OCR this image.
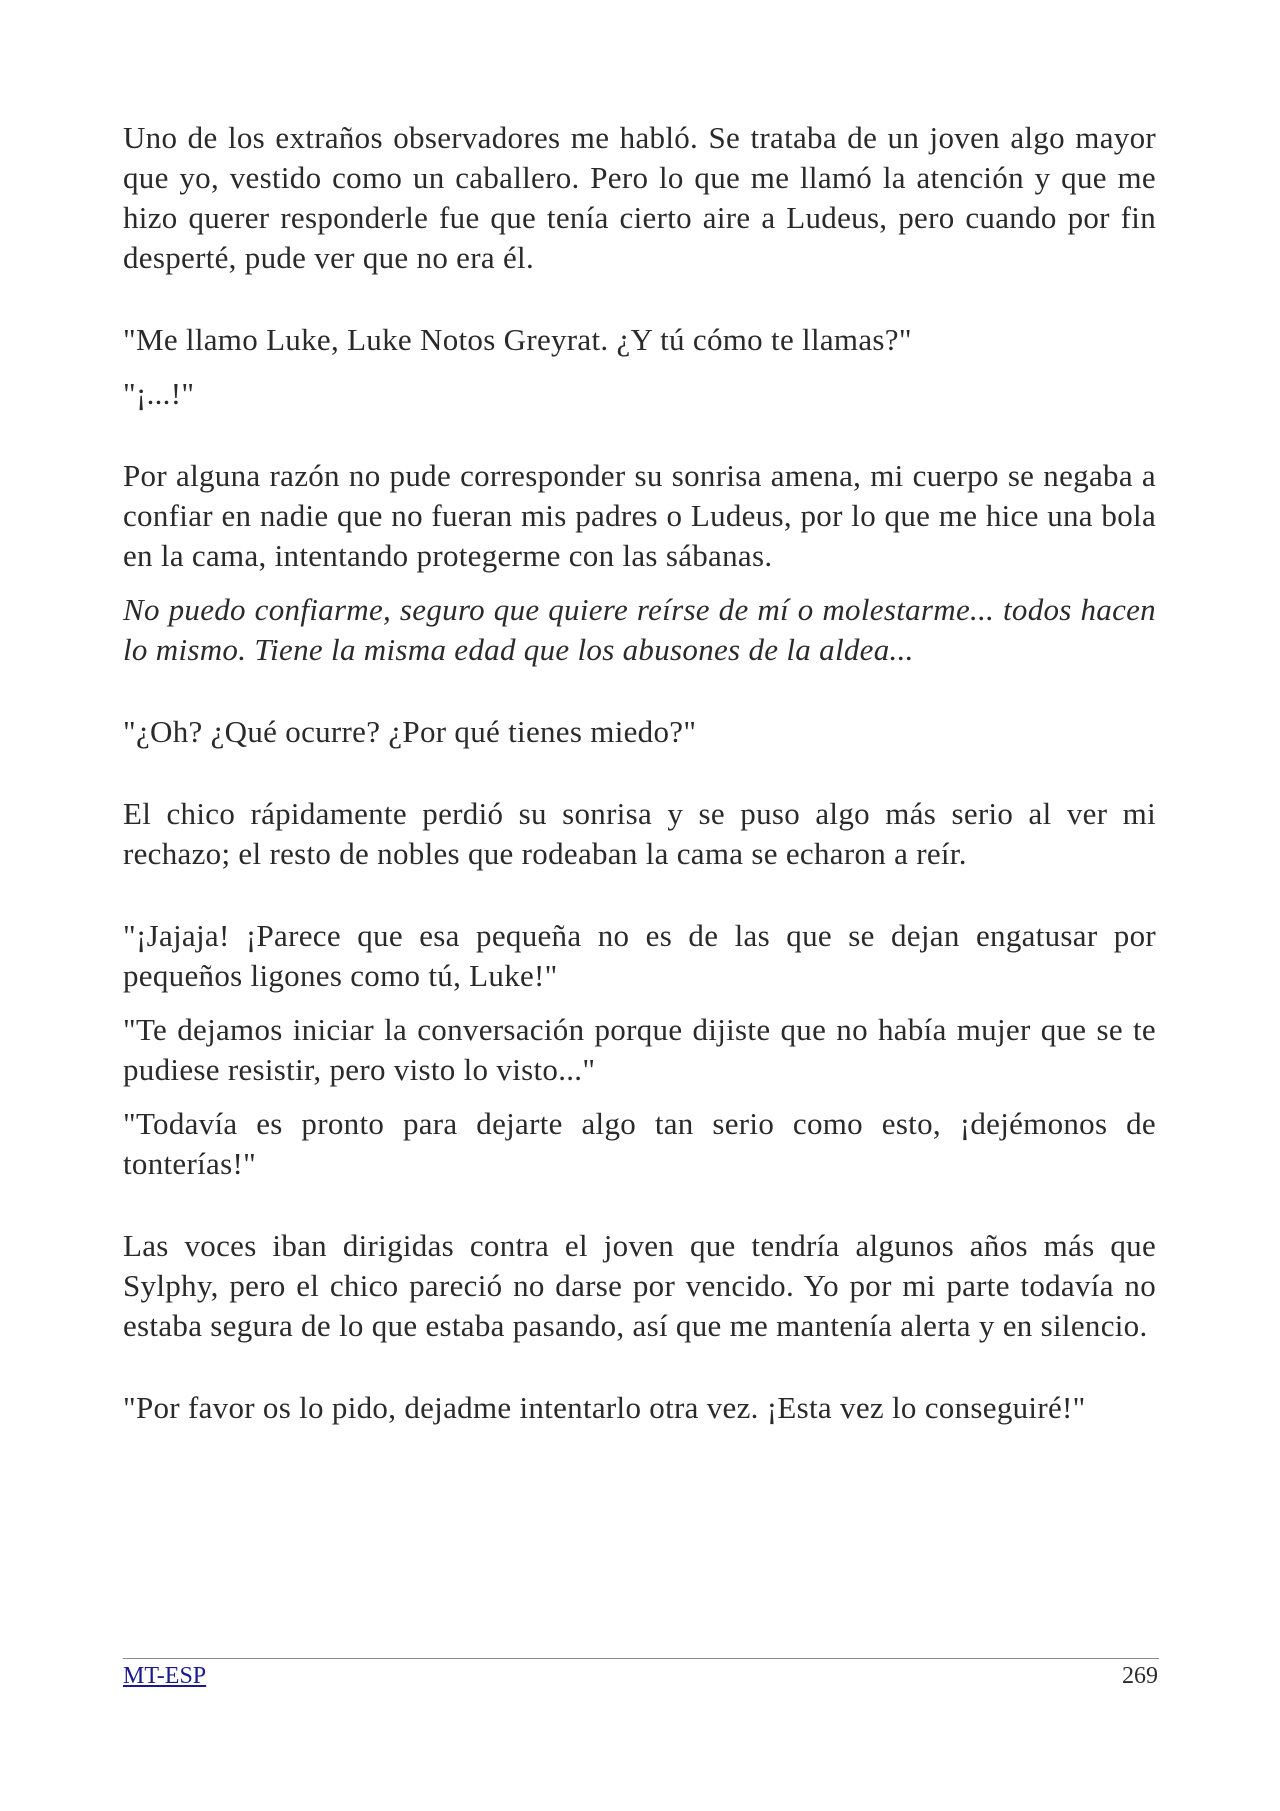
Uno de los extraños observadores me habló. Se trataba de un joven algo mayor que yo, vestido como un caballero. Pero lo que me llamó la atención y que me hizo querer responderle fue que tenía cierto aire a Ludeus, pero cuando por fin desperté, pude ver que no era él.

"Me llamo Luke, Luke Notos Greyrat. ¿Y tú cómo te llamas?"

"¡...!"

Por alguna razón no pude corresponder su sonrisa amena, mi cuerpo se negaba a confiar en nadie que no fueran mis padres o Ludeus, por lo que me hice una bola en la cama, intentando protegerme con las sábanas.

No puedo confiarme, seguro que quiere reírse de mí o molestarme... todos hacen lo mismo. Tiene la misma edad que los abusones de la aldea...

"¿Oh? ¿Qué ocurre? ¿Por qué tienes miedo?"

El chico rápidamente perdió su sonrisa y se puso algo más serio al ver mi rechazo; el resto de nobles que rodeaban la cama se echaron a reír.

"¡Jajaja! ¡Parece que esa pequeña no es de las que se dejan engatusar por pequeños ligones como tú, Luke!"

"Te dejamos iniciar la conversación porque dijiste que no había mujer que se te pudiese resistir, pero visto lo visto..."

"Todavía es pronto para dejarte algo tan serio como esto, ¡dejémonos de tonterías!"

Las voces iban dirigidas contra el joven que tendría algunos años más que Sylphy, pero el chico pareció no darse por vencido. Yo por mi parte todavía no estaba segura de lo que estaba pasando, así que me mantenía alerta y en silencio.

"Por favor os lo pido, dejadme intentarlo otra vez. ¡Esta vez lo conseguiré!"

MT-ESP	269
